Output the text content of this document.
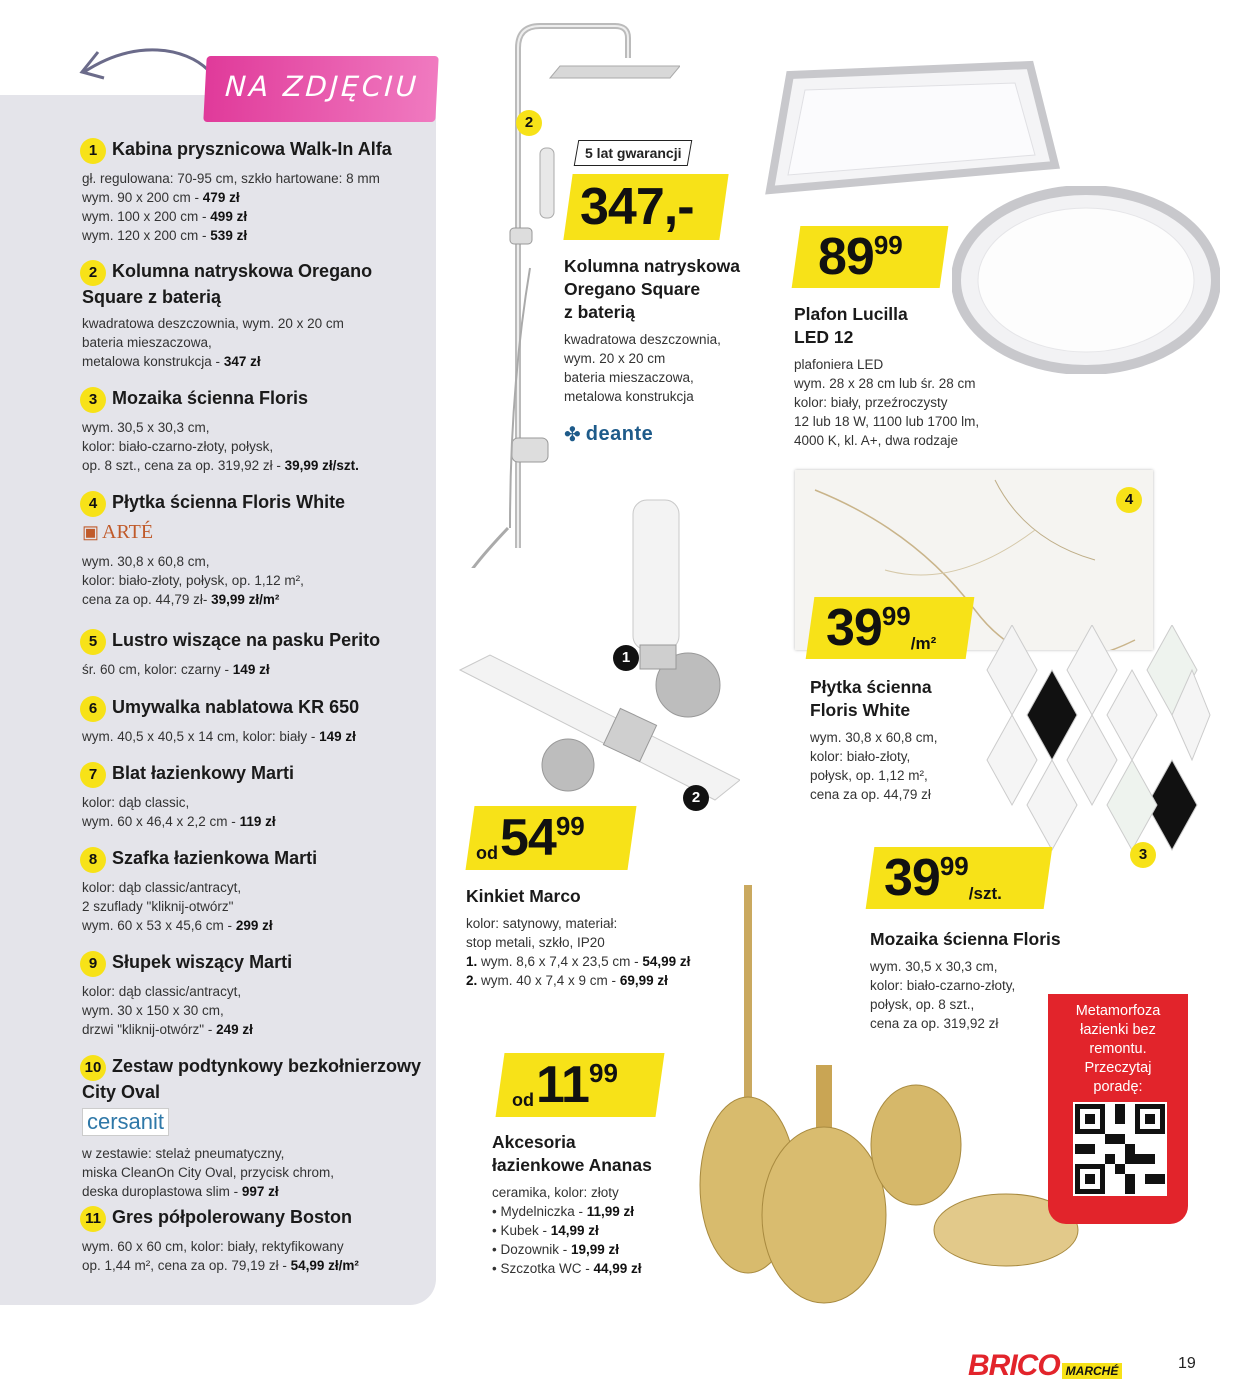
NA ZDJĘCIU
1 Kabina prysznicowa Walk-In Alfa
gł. regulowana: 70-95 cm, szkło hartowane: 8 mm
wym. 90 x 200 cm - 479 zł
wym. 100 x 200 cm - 499 zł
wym. 120 x 200 cm - 539 zł
2 Kolumna natryskowa Oregano Square z baterią
kwadratowa deszczownia, wym. 20 x 20 cm
bateria mieszaczowa,
metalowa konstrukcja - 347 zł
3 Mozaika ścienna Floris
wym. 30,5 x 30,3 cm,
kolor: biało-czarno-złoty, połysk,
op. 8 szt., cena za op. 319,92 zł - 39,99 zł/szt.
4 Płytka ścienna Floris White
▣ ARTÉ
wym. 30,8 x 60,8 cm,
kolor: biało-złoty, połysk, op. 1,12 m²,
cena za op. 44,79 zł- 39,99 zł/m²
5 Lustro wiszące na pasku Perito
śr. 60 cm, kolor: czarny - 149 zł
6 Umywalka nablatowa KR 650
wym. 40,5 x 40,5 x 14 cm, kolor: biały - 149 zł
7 Blat łazienkowy Marti
kolor: dąb classic,
wym. 60 x 46,4 x 2,2 cm - 119 zł
8 Szafka łazienkowa Marti
kolor: dąb classic/antracyt,
2 szuflady "kliknij-otwórz"
wym. 60 x 53 x 45,6 cm - 299 zł
9 Słupek wiszący Marti
kolor: dąb classic/antracyt,
wym. 30 x 150 x 30 cm,
drzwi "kliknij-otwórz" - 249 zł
10 Zestaw podtynkowy bezkołnierzowy City Oval
cersanit
w zestawie: stelaż pneumatyczny,
miska CleanOn City Oval, przycisk chrom,
deska duroplastowa slim - 997 zł
11 Gres półpolerowany Boston
wym. 60 x 60 cm, kolor: biały, rektyfikowany
op. 1,44 m², cena za op. 79,19 zł - 54,99 zł/m²
2
5 lat gwarancji
347,-
Kolumna natryskowa
Oregano Square
z baterią
kwadratowa deszczownia,
wym. 20 x 20 cm
bateria mieszaczowa,
metalowa konstrukcja
✤ deante
89 99
Plafon Lucilla
LED 12
plafoniera LED
wym. 28 x 28 cm lub śr. 28 cm
kolor: biały, przeźroczysty
12 lub 18 W, 1100 lub 1700 lm,
4000 K, kl. A+, dwa rodzaje
4
39 99
/m²
Płytka ścienna
Floris White
wym. 30,8 x 60,8 cm,
kolor: biało-złoty,
połysk, op. 1,12 m²,
cena za op. 44,79 zł
3
39 99
/szt.
Mozaika ścienna Floris
wym. 30,5 x 30,3 cm,
kolor: biało-czarno-złoty,
połysk, op. 8 szt.,
cena za op. 319,92 zł
1
2
od 54 99
Kinkiet Marco
kolor: satynowy, materiał:
stop metali, szkło, IP20
1. wym. 8,6 x 7,4 x 23,5 cm - 54,99 zł
2. wym. 40 x 7,4 x 9 cm - 69,99 zł
od 11 99
Akcesoria
łazienkowe Ananas
ceramika, kolor: złoty
• Mydelniczka - 11,99 zł
• Kubek - 14,99 zł
• Dozownik - 19,99 zł
• Szczotka WC - 44,99 zł
Metamorfoza
łazienki bez
remontu.
Przeczytaj
poradę:
BRICO MARCHÉ	19
